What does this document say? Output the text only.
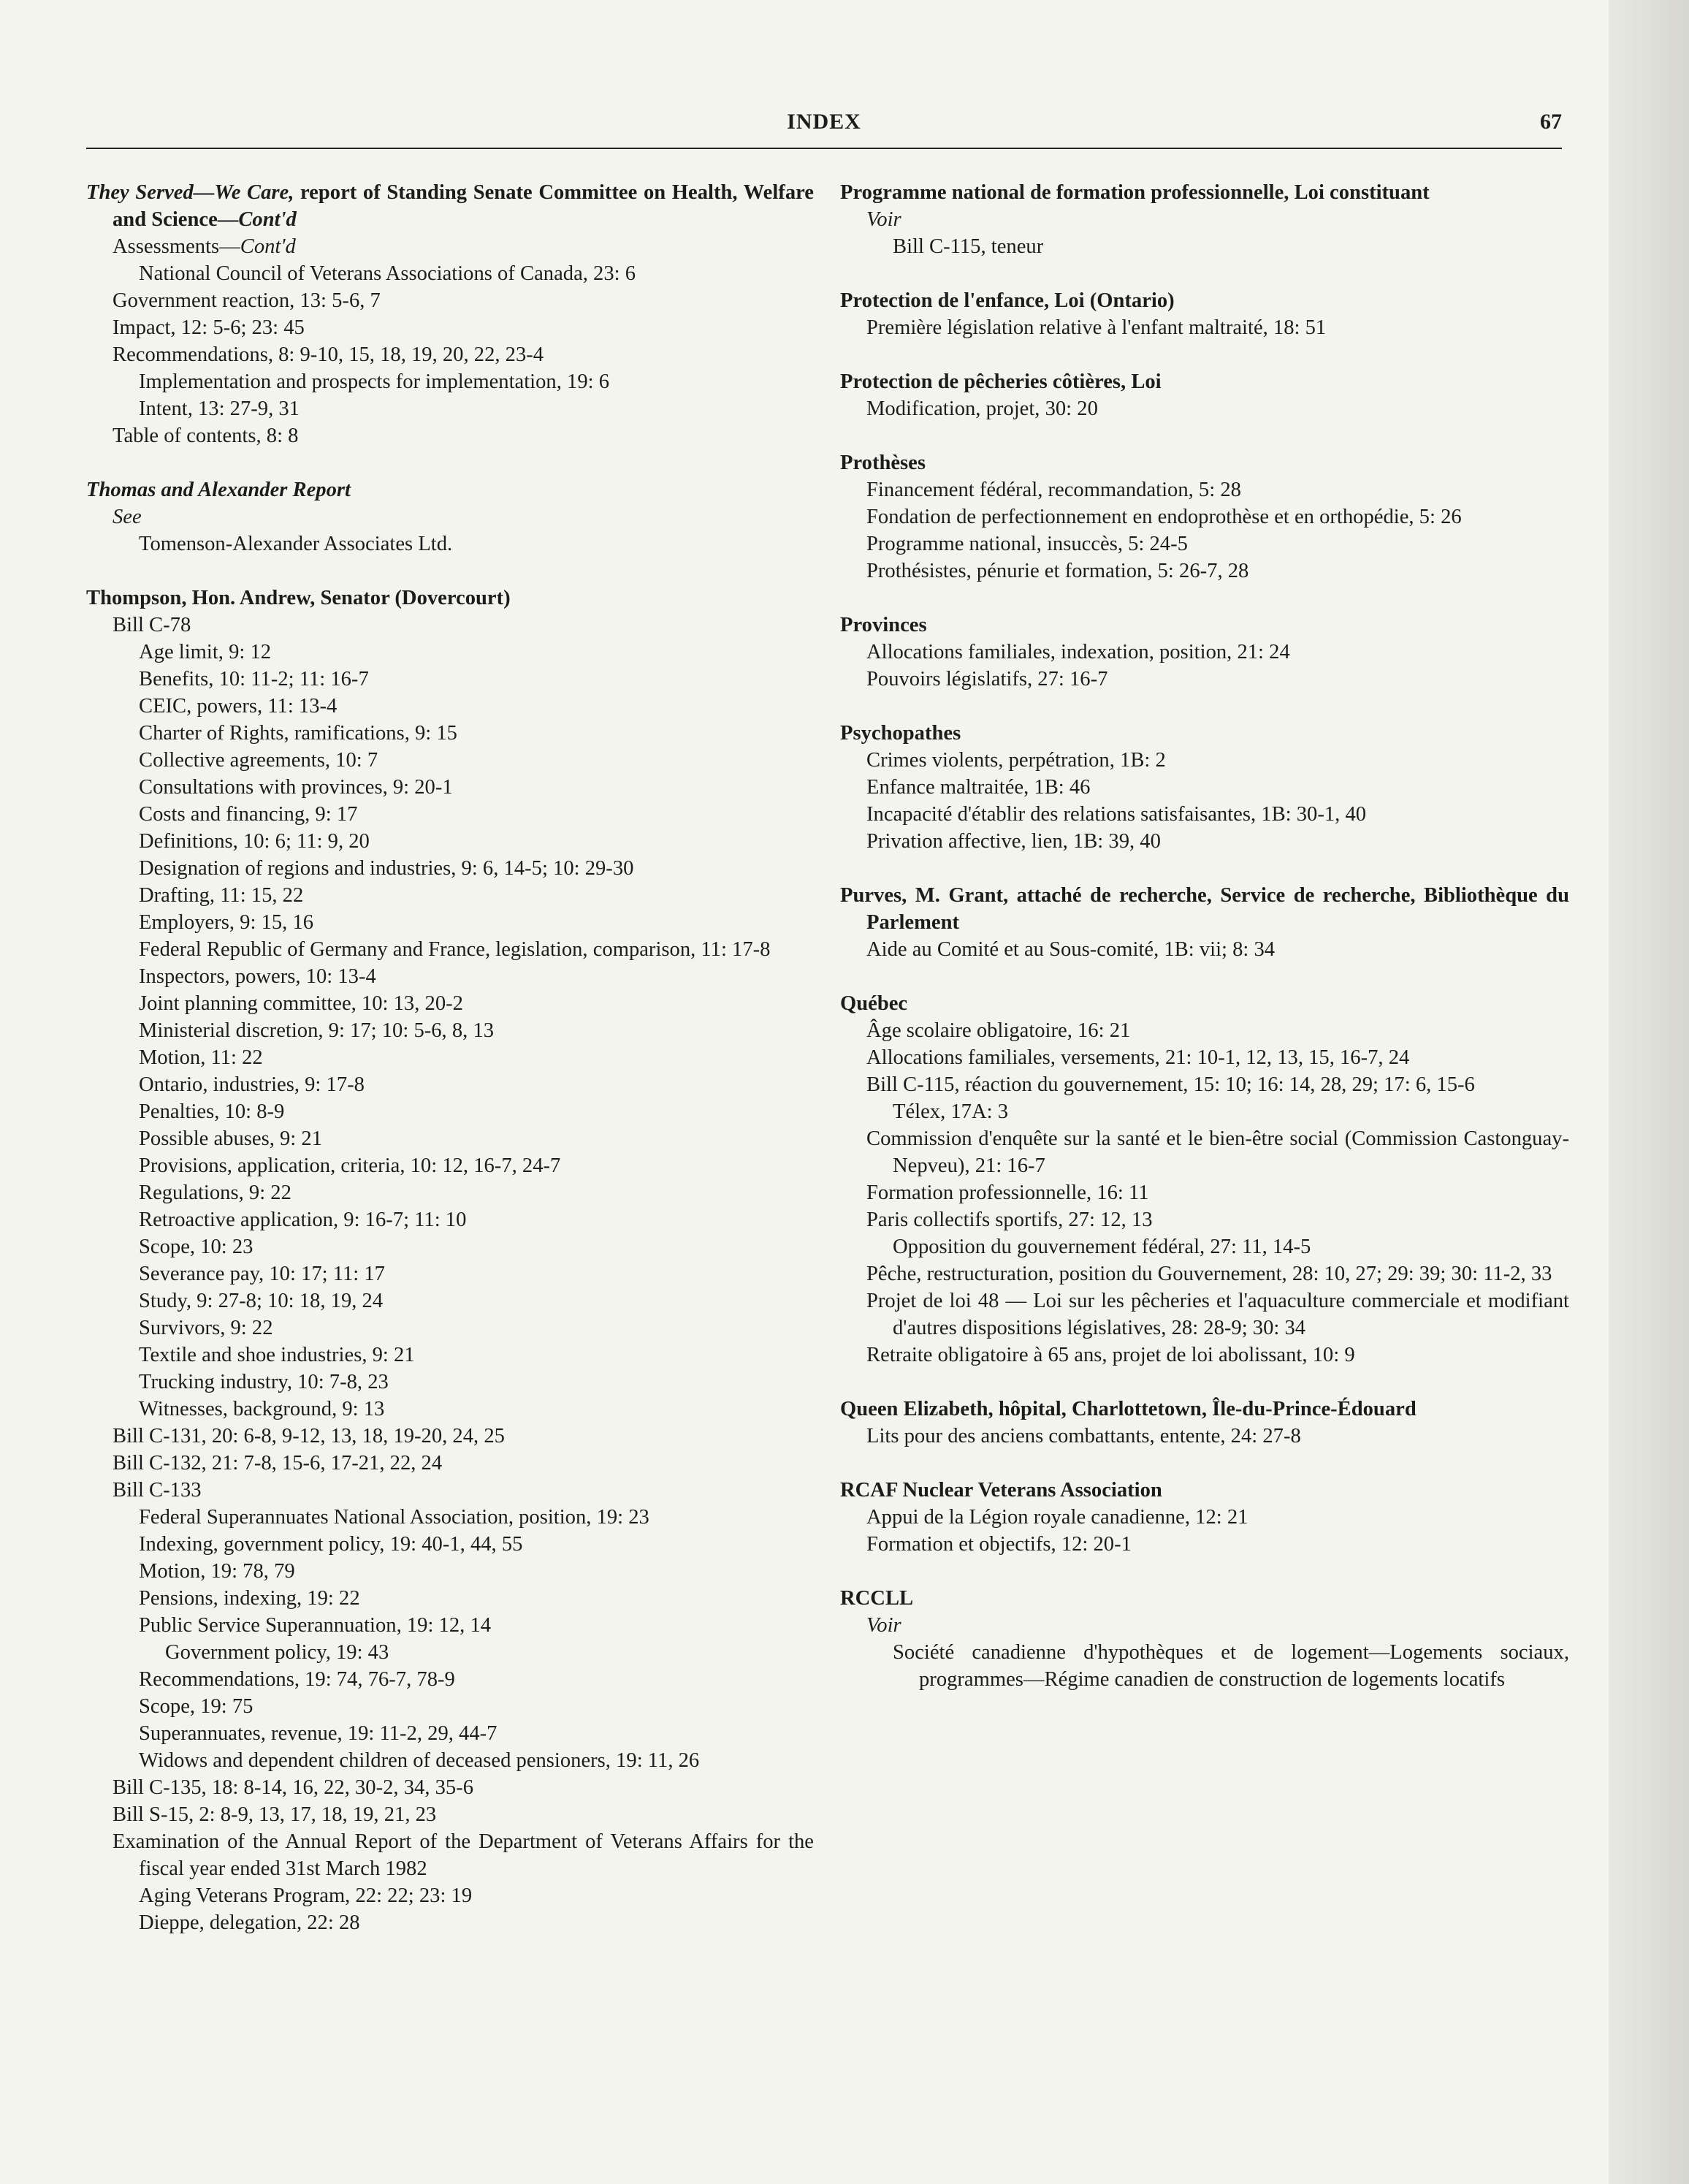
INDEX	67
They Served—We Care, report of Standing Senate Committee on Health, Welfare and Science—Cont'd
Assessments—Cont'd
National Council of Veterans Associations of Canada, 23: 6
Government reaction, 13: 5-6, 7
Impact, 12: 5-6; 23: 45
Recommendations, 8: 9-10, 15, 18, 19, 20, 22, 23-4
Implementation and prospects for implementation, 19: 6
Intent, 13: 27-9, 31
Table of contents, 8: 8
Thomas and Alexander Report
See
Tomenson-Alexander Associates Ltd.
Thompson, Hon. Andrew, Senator (Dovercourt)
Bill C-78
Age limit, 9: 12
Benefits, 10: 11-2; 11: 16-7
CEIC, powers, 11: 13-4
Charter of Rights, ramifications, 9: 15
Collective agreements, 10: 7
Consultations with provinces, 9: 20-1
Costs and financing, 9: 17
Definitions, 10: 6; 11: 9, 20
Designation of regions and industries, 9: 6, 14-5; 10: 29-30
Drafting, 11: 15, 22
Employers, 9: 15, 16
Federal Republic of Germany and France, legislation, comparison, 11: 17-8
Inspectors, powers, 10: 13-4
Joint planning committee, 10: 13, 20-2
Ministerial discretion, 9: 17; 10: 5-6, 8, 13
Motion, 11: 22
Ontario, industries, 9: 17-8
Penalties, 10: 8-9
Possible abuses, 9: 21
Provisions, application, criteria, 10: 12, 16-7, 24-7
Regulations, 9: 22
Retroactive application, 9: 16-7; 11: 10
Scope, 10: 23
Severance pay, 10: 17; 11: 17
Study, 9: 27-8; 10: 18, 19, 24
Survivors, 9: 22
Textile and shoe industries, 9: 21
Trucking industry, 10: 7-8, 23
Witnesses, background, 9: 13
Bill C-131, 20: 6-8, 9-12, 13, 18, 19-20, 24, 25
Bill C-132, 21: 7-8, 15-6, 17-21, 22, 24
Bill C-133
Federal Superannuates National Association, position, 19: 23
Indexing, government policy, 19: 40-1, 44, 55
Motion, 19: 78, 79
Pensions, indexing, 19: 22
Public Service Superannuation, 19: 12, 14
Government policy, 19: 43
Recommendations, 19: 74, 76-7, 78-9
Scope, 19: 75
Superannuates, revenue, 19: 11-2, 29, 44-7
Widows and dependent children of deceased pensioners, 19: 11, 26
Bill C-135, 18: 8-14, 16, 22, 30-2, 34, 35-6
Bill S-15, 2: 8-9, 13, 17, 18, 19, 21, 23
Examination of the Annual Report of the Department of Veterans Affairs for the fiscal year ended 31st March 1982
Aging Veterans Program, 22: 22; 23: 19
Dieppe, delegation, 22: 28
Programme national de formation professionnelle, Loi constituant
Voir
Bill C-115, teneur
Protection de l'enfance, Loi (Ontario)
Première législation relative à l'enfant maltraité, 18: 51
Protection de pêcheries côtières, Loi
Modification, projet, 30: 20
Prothèses
Financement fédéral, recommandation, 5: 28
Fondation de perfectionnement en endoprothèse et en orthopédie, 5: 26
Programme national, insuccès, 5: 24-5
Prothésistes, pénurie et formation, 5: 26-7, 28
Provinces
Allocations familiales, indexation, position, 21: 24
Pouvoirs législatifs, 27: 16-7
Psychopathes
Crimes violents, perpétration, 1B: 2
Enfance maltraitée, 1B: 46
Incapacité d'établir des relations satisfaisantes, 1B: 30-1, 40
Privation affective, lien, 1B: 39, 40
Purves, M. Grant, attaché de recherche, Service de recherche, Bibliothèque du Parlement
Aide au Comité et au Sous-comité, 1B: vii; 8: 34
Québec
Âge scolaire obligatoire, 16: 21
Allocations familiales, versements, 21: 10-1, 12, 13, 15, 16-7, 24
Bill C-115, réaction du gouvernement, 15: 10; 16: 14, 28, 29; 17: 6, 15-6
Télex, 17A: 3
Commission d'enquête sur la santé et le bien-être social (Commission Castonguay-Nepveu), 21: 16-7
Formation professionnelle, 16: 11
Paris collectifs sportifs, 27: 12, 13
Opposition du gouvernement fédéral, 27: 11, 14-5
Pêche, restructuration, position du Gouvernement, 28: 10, 27; 29: 39; 30: 11-2, 33
Projet de loi 48 — Loi sur les pêcheries et l'aquaculture commerciale et modifiant d'autres dispositions législatives, 28: 28-9; 30: 34
Retraite obligatoire à 65 ans, projet de loi abolissant, 10: 9
Queen Elizabeth, hôpital, Charlottetown, Île-du-Prince-Édouard
Lits pour des anciens combattants, entente, 24: 27-8
RCAF Nuclear Veterans Association
Appui de la Légion royale canadienne, 12: 21
Formation et objectifs, 12: 20-1
RCCLL
Voir
Société canadienne d'hypothèques et de logement—Logements sociaux, programmes—Régime canadien de construction de logements locatifs
